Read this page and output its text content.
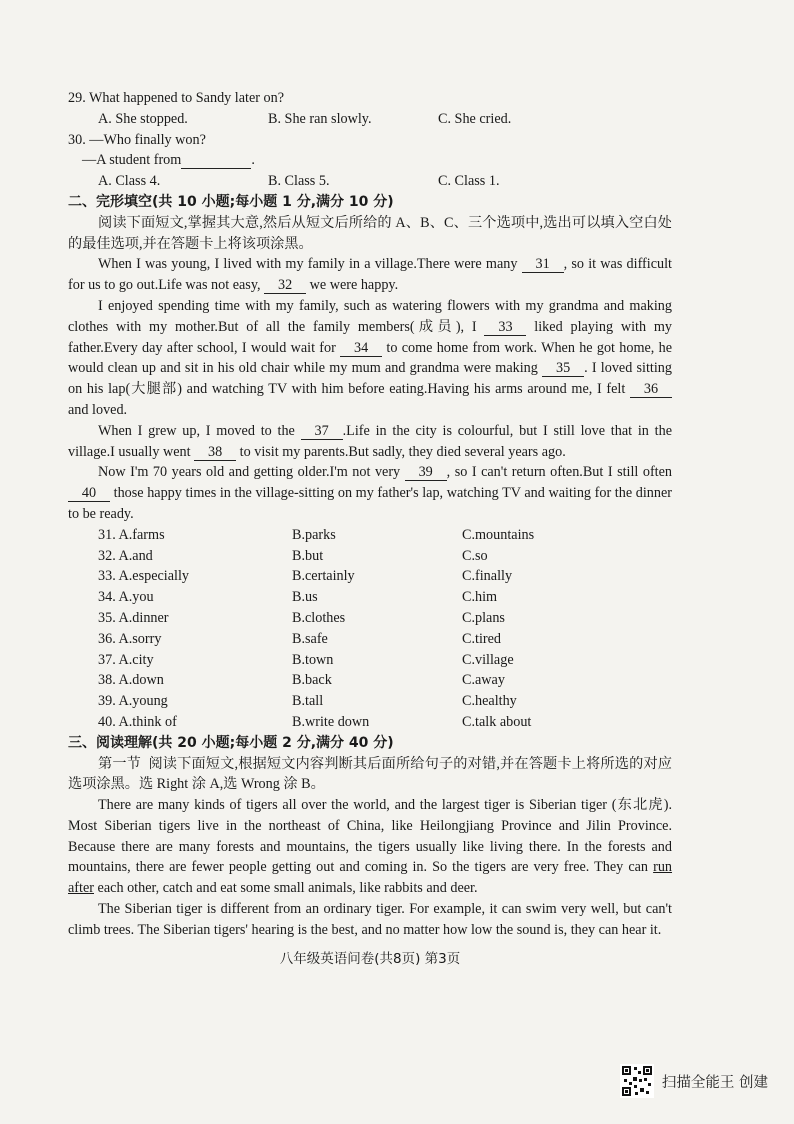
29. What happened to Sandy later on?

A. She stopped.	B. She ran slowly.	C. She cried.

30. —Who finally won?

—A student from	.

A. Class 4.	B. Class 5.	C. Class 1.

二、完形填空(共 10 小题;每小题 1 分,满分 10 分)

阅读下面短文,掌握其大意,然后从短文后所给的 A、B、C、三个选项中,选出可以填入空白处的最佳选项,并在答题卡上将该项涂黑。

When I was young, I lived with my family in a village.There were many 31 , so it was difficult for us to go out.Life was not easy, 32 we were happy.

I enjoyed spending time with my family, such as watering flowers with my grandma and making clothes with my mother.But of all the family members(成员), I 33 liked playing with my father.Every day after school, I would wait for 34 to come home from work. When he got home, he would clean up and sit in his old chair while my mum and grandma were making 35 . I loved sitting on his lap(大腿部) and watching TV with him before eating.Having his arms around me, I felt 36 and loved.

When I grew up, I moved to the 37 .Life in the city is colourful, but I still love that in the village.I usually went 38 to visit my parents.But sadly, they died several years ago.

Now I'm 70 years old and getting older.I'm not very 39 , so I can't return often.But I still often 40 those happy times in the village-sitting on my father's lap, watching TV and waiting for the dinner to be ready.

31. A.farms	B.parks	C.mountains
32. A.and	B.but	C.so
33. A.especially	B.certainly	C.finally
34. A.you	B.us	C.him
35. A.dinner	B.clothes	C.plans
36. A.sorry	B.safe	C.tired
37. A.city	B.town	C.village
38. A.down	B.back	C.away
39. A.young	B.tall	C.healthy
40. A.think of	B.write down	C.talk about

三、阅读理解(共 20 小题;每小题 2 分,满分 40 分)

第一节 阅读下面短文,根据短文内容判断其后面所给句子的对错,并在答题卡上将所选的对应选项涂黑。选 Right 涂 A,选 Wrong 涂 B。

There are many kinds of tigers all over the world, and the largest tiger is Siberian tiger (东北虎). Most Siberian tigers live in the northeast of China, like Heilongjiang Province and Jilin Province. Because there are many forests and mountains, the tigers usually like living there. In the forests and mountains, there are fewer people getting out and coming in. So the tigers are very free. They can run after each other, catch and eat some small animals, like rabbits and deer.

The Siberian tiger is different from an ordinary tiger. For example, it can swim very well, but can't climb trees. The Siberian tigers' hearing is the best, and no matter how low the sound is, they can hear it.

八年级英语问卷(共8页) 第3页
扫描全能王 创建
